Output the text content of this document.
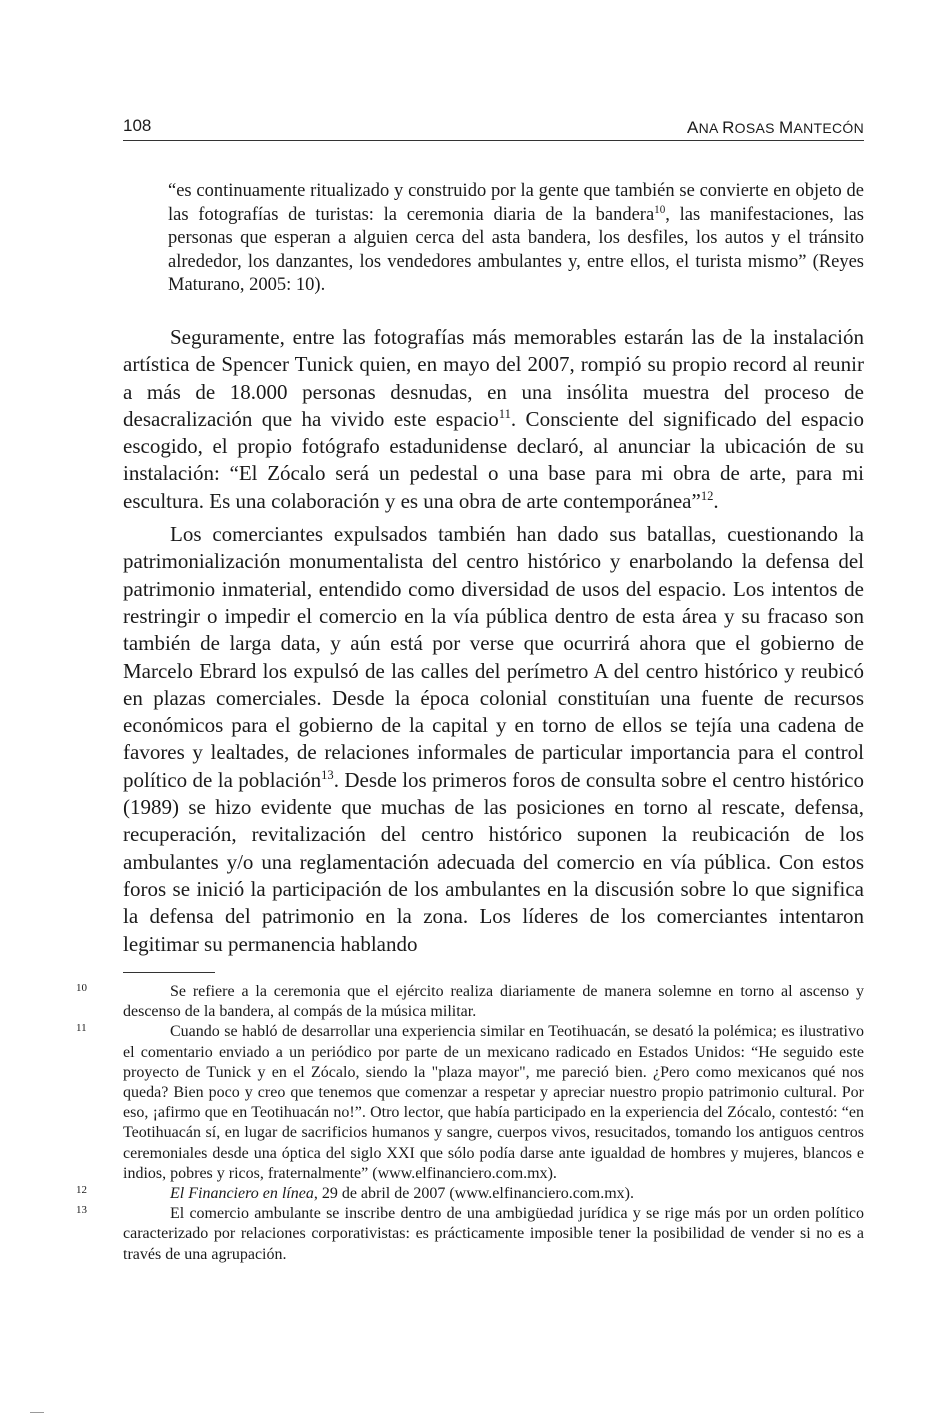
108	ANA ROSAS MANTECÓN
“es continuamente ritualizado y construido por la gente que también se convierte en objeto de las fotografías de turistas: la ceremonia diaria de la bandera$^{10}$, las manifestaciones, las personas que esperan a alguien cerca del asta bandera, los desfiles, los autos y el tránsito alrededor, los danzantes, los vendedores ambulantes y, entre ellos, el turista mismo” (Reyes Maturano, 2005: 10).

Seguramente, entre las fotografías más memorables estarán las de la instalación artística de Spencer Tunick quien, en mayo del 2007, rompió su propio record al reunir a más de 18.000 personas desnudas, en una insólita muestra del proceso de desacralización que ha vivido este espacio$^{11}$. Consciente del significado del espacio escogido, el propio fotógrafo estadunidense declaró, al anunciar la ubicación de su instalación: “El Zócalo será un pedestal o una base para mi obra de arte, para mi escultura. Es una colaboración y es una obra de arte contemporánea”$^{12}$.

Los comerciantes expulsados también han dado sus batallas, cuestionando la patrimonialización monumentalista del centro histórico y enarbolando la defensa del patrimonio inmaterial, entendido como diversidad de usos del espacio. Los intentos de restringir o impedir el comercio en la vía pública dentro de esta área y su fracaso son también de larga data, y aún está por verse que ocurrirá ahora que el gobierno de Marcelo Ebrard los expulsó de las calles del perímetro A del centro histórico y reubicó en plazas comerciales. Desde la época colonial constituían una fuente de recursos económicos para el gobierno de la capital y en torno de ellos se tejía una cadena de favores y lealtades, de relaciones informales de particular importancia para el control político de la población$^{13}$. Desde los primeros foros de consulta sobre el centro histórico (1989) se hizo evidente que muchas de las posiciones en torno al rescate, defensa, recuperación, revitalización del centro histórico suponen la reubicación de los ambulantes y/o una reglamentación adecuada del comercio en vía pública. Con estos foros se inició la participación de los ambulantes en la discusión sobre lo que significa la defensa del patrimonio en la zona. Los líderes de los comerciantes intentaron legitimar su permanencia hablando

10	Se refiere a la ceremonia que el ejército realiza diariamente de manera solemne en torno al ascenso y descenso de la bandera, al compás de la música militar.

11	Cuando se habló de desarrollar una experiencia similar en Teotihuacán, se desató la polémica; es ilustrativo el comentario enviado a un periódico por parte de un mexicano radicado en Estados Unidos: “He seguido este proyecto de Tunick y en el Zócalo, siendo la "plaza mayor", me pareció bien. ¿Pero como mexicanos qué nos queda? Bien poco y creo que tenemos que comenzar a respetar y apreciar nuestro propio patrimonio cultural. Por eso, ¡afirmo que en Teotihuacán no!”. Otro lector, que había participado en la experiencia del Zócalo, contestó: “en Teotihuacán sí, en lugar de sacrificios humanos y sangre, cuerpos vivos, resucitados, tomando los antiguos centros ceremoniales desde una óptica del siglo XXI que sólo podía darse ante igualdad de hombres y mujeres, blancos e indios, pobres y ricos, fraternalmente” (www.elfinanciero.com.mx).

12	El Financiero en línea, 29 de abril de 2007 (www.elfinanciero.com.mx).

13	El comercio ambulante se inscribe dentro de una ambigüedad jurídica y se rige más por un orden político caracterizado por relaciones corporativistas: es prácticamente imposible tener la posibilidad de vender si no es a través de una agrupación.
